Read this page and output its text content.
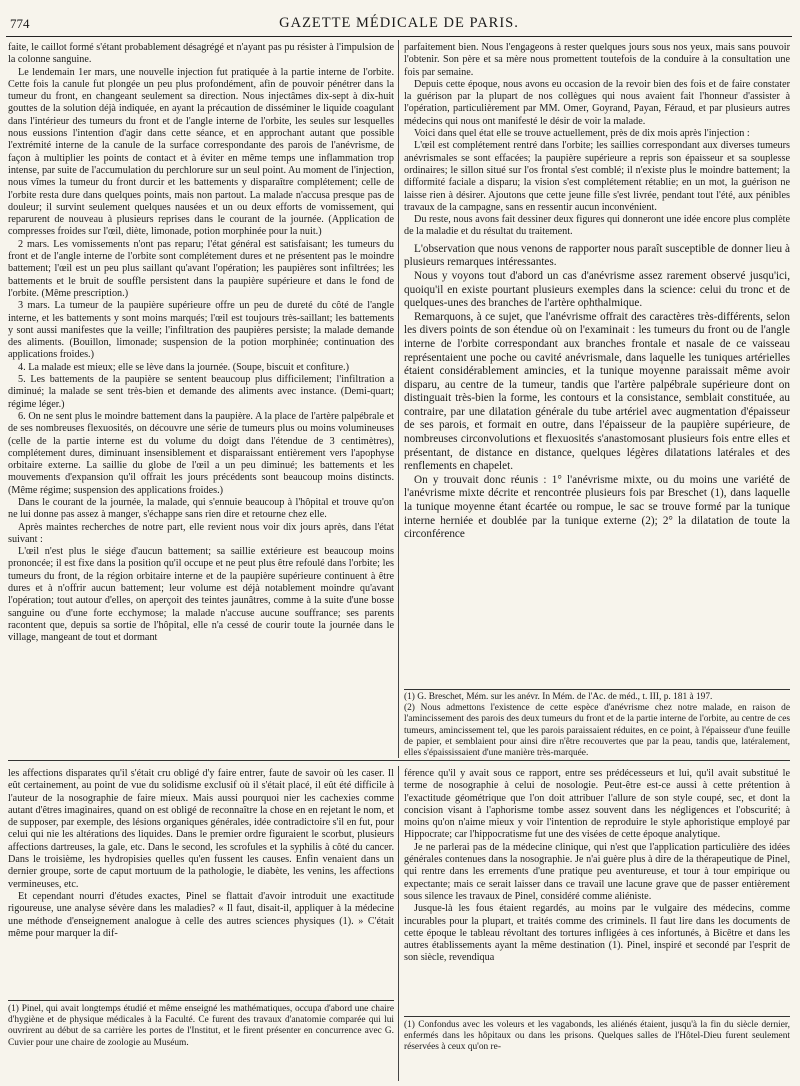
774	GAZETTE MÉDICALE DE PARIS.

faite, le caillot formé s'étant probablement désagrégé et n'ayant pas pu résister à l'impulsion de la colonne sanguine.

Le lendemain 1er mars, une nouvelle injection fut pratiquée à la partie interne de l'orbite. Cette fois la canule fut plongée un peu plus profondément, afin de pouvoir pénétrer dans la tumeur du front, en changeant seulement sa direction. Nous injectâmes dix-sept à dix-huit gouttes de la solution déjà indiquée, en ayant la précaution de disséminer le liquide coagulant dans l'intérieur des tumeurs du front et de l'angle interne de l'orbite, les seules sur lesquelles nous eussions l'intention d'agir dans cette séance, et en approchant autant que possible l'extrémité interne de la canule de la surface correspondante des parois de l'anévrisme, de façon à multiplier les points de contact et à éviter en même temps une inflammation trop intense, par suite de l'accumulation du perchlorure sur un seul point. Au moment de l'injection, nous vîmes la tumeur du front durcir et les battements y disparaître complétement; celle de l'orbite resta dure dans quelques points, mais non partout. La malade n'accusa presque pas de douleur; il survint seulement quelques nausées et un ou deux efforts de vomissement, qui reparurent de nouveau à plusieurs reprises dans le courant de la journée. (Application de compresses froides sur l'œil, diète, limonade, potion morphinée pour la nuit.)

2 mars. Les vomissements n'ont pas reparu; l'état général est satisfaisant; les tumeurs du front et de l'angle interne de l'orbite sont complétement dures et ne présentent pas le moindre battement; l'œil est un peu plus saillant qu'avant l'opération; les paupières sont infiltrées; les battements et le bruit de souffle persistent dans la paupière supérieure et dans le fond de l'orbite. (Même prescription.)

3 mars. La tumeur de la paupière supérieure offre un peu de dureté du côté de l'angle interne, et les battements y sont moins marqués; l'œil est toujours très-saillant; les battements y sont aussi manifestes que la veille; l'infiltration des paupières persiste; la malade demande des aliments. (Bouillon, limonade; suspension de la potion morphinée; continuation des applications froides.)

4. La malade est mieux; elle se lève dans la journée. (Soupe, biscuit et confiture.)

5. Les battements de la paupière se sentent beaucoup plus difficilement; l'infiltration a diminué; la malade se sent très-bien et demande des aliments avec instance. (Demi-quart; régime léger.)

6. On ne sent plus le moindre battement dans la paupière. A la place de l'artère palpébrale et de ses nombreuses flexuosités, on découvre une série de tumeurs plus ou moins volumineuses (celle de la partie interne est du volume du doigt dans l'étendue de 3 centimètres), complétement dures, diminuant insensiblement et disparaissant entièrement vers l'apophyse orbitaire externe. La saillie du globe de l'œil a un peu diminué; les battements et les mouvements d'expansion qu'il offrait les jours précédents sont beaucoup moins distincts. (Même régime; suspension des applications froides.)

Dans le courant de la journée, la malade, qui s'ennuie beaucoup à l'hôpital et trouve qu'on ne lui donne pas assez à manger, s'échappe sans rien dire et retourne chez elle.

Après maintes recherches de notre part, elle revient nous voir dix jours après, dans l'état suivant :

L'œil n'est plus le siége d'aucun battement; sa saillie extérieure est beaucoup moins prononcée; il est fixe dans la position qu'il occupe et ne peut plus être refoulé dans l'orbite; les tumeurs du front, de la région orbitaire interne et de la paupière supérieure continuent à être dures et à n'offrir aucun battement; leur volume est déjà notablement moindre qu'avant l'opération; tout autour d'elles, on aperçoit des teintes jaunâtres, comme à la suite d'une bosse sanguine ou d'une forte ecchymose; la malade n'accuse aucune souffrance; ses parents racontent que, depuis sa sortie de l'hôpital, elle n'a cessé de courir toute la journée dans le village, mangeant de tout et dormant

parfaitement bien. Nous l'engageons à rester quelques jours sous nos yeux, mais sans pouvoir l'obtenir. Son père et sa mère nous promettent toutefois de la conduire à la consultation une fois par semaine.

Depuis cette époque, nous avons eu occasion de la revoir bien des fois et de faire constater la guérison par la plupart de nos collègues qui nous avaient fait l'honneur d'assister à l'opération, particulièrement par MM. Omer, Goyrand, Payan, Féraud, et par plusieurs autres médecins qui nous ont manifesté le désir de voir la malade.

Voici dans quel état elle se trouve actuellement, près de dix mois après l'injection :

L'œil est complétement rentré dans l'orbite; les saillies correspondant aux diverses tumeurs anévrismales se sont effacées; la paupière supérieure a repris son épaisseur et sa souplesse ordinaires; le sillon situé sur l'os frontal s'est comblé; il n'existe plus le moindre battement; la difformité faciale a disparu; la vision s'est complétement rétablie; en un mot, la guérison ne laisse rien à désirer. Ajoutons que cette jeune fille s'est livrée, pendant tout l'été, aux pénibles travaux de la campagne, sans en ressentir aucun inconvénient.

Du reste, nous avons fait dessiner deux figures qui donneront une idée encore plus complète de la maladie et du résultat du traitement.

L'observation que nous venons de rapporter nous paraît susceptible de donner lieu à plusieurs remarques intéressantes.

Nous y voyons tout d'abord un cas d'anévrisme assez rarement observé jusqu'ici, quoiqu'il en existe pourtant plusieurs exemples dans la science: celui du tronc et de quelques-unes des branches de l'artère ophthalmique.

Remarquons, à ce sujet, que l'anévrisme offrait des caractères très-différents, selon les divers points de son étendue où on l'examinait : les tumeurs du front ou de l'angle interne de l'orbite correspondant aux branches frontale et nasale de ce vaisseau représentaient une poche ou cavité anévrismale, dans laquelle les tuniques artérielles étaient considérablement amincies, et la tunique moyenne paraissait même avoir disparu, au centre de la tumeur, tandis que l'artère palpébrale supérieure dont on distinguait très-bien la forme, les contours et la consistance, semblait constituée, au contraire, par une dilatation générale du tube artériel avec augmentation d'épaisseur de ses parois, et formait en outre, dans l'épaisseur de la paupière supérieure, de nombreuses circonvolutions et flexuosités s'anastomosant plusieurs fois entre elles et présentant, de distance en distance, quelques légères dilatations latérales et des renflements en chapelet.

On y trouvait donc réunis : 1° l'anévrisme mixte, ou du moins une variété de l'anévrisme mixte décrite et rencontrée plusieurs fois par Breschet (1), dans laquelle la tunique moyenne étant écartée ou rompue, le sac se trouve formé par la tunique interne herniée et doublée par la tunique externe (2); 2° la dilatation de toute la circonférence

(1) G. Breschet, Mém. sur les anévr. In Mém. de l'Ac. de méd., t. III, p. 181 à 197.

(2) Nous admettons l'existence de cette espèce d'anévrisme chez notre malade, en raison de l'amincissement des parois des deux tumeurs du front et de la partie interne de l'orbite, au centre de ces tumeurs, amincissement tel, que les parois paraissaient réduites, en ce point, à l'épaisseur d'une feuille de papier, et semblaient pour ainsi dire n'être recouvertes que par la peau, tandis que, latéralement, elles s'épaississaient d'une manière très-marquée.

les affections disparates qu'il s'était cru obligé d'y faire entrer, faute de savoir où les caser. Il eût certainement, au point de vue du solidisme exclusif où il s'était placé, il eût été difficile à l'auteur de la nosographie de faire mieux. Mais aussi pourquoi nier les cachexies comme autant d'êtres imaginaires, quand on est obligé de reconnaître la chose en en rejetant le nom, et de supposer, par exemple, des lésions organiques générales, idée contradictoire s'il en fut, pour celui qui nie les altérations des liquides. Dans le premier ordre figuraient le scorbut, plusieurs affections dartreuses, la gale, etc. Dans le second, les scrofules et la syphilis à côté du cancer. Dans le troisième, les hydropisies quelles qu'en fussent les causes. Enfin venaient dans un dernier groupe, sorte de caput mortuum de la pathologie, le diabète, les venins, les affections vermineuses, etc.

Et cependant nourri d'études exactes, Pinel se flattait d'avoir introduit une exactitude rigoureuse, une analyse sévère dans les maladies? « Il faut, disait-il, appliquer à la médecine une méthode d'enseignement analogue à celle des autres sciences physiques (1). » C'était même pour marquer la dif-

(1) Pinel, qui avait longtemps étudié et même enseigné les mathématiques, occupa d'abord une chaire d'hygiène et de physique médicales à la Faculté. Ce furent des travaux d'anatomie comparée qui lui ouvrirent au début de sa carrière les portes de l'Institut, et le firent présenter en concurrence avec G. Cuvier pour une chaire de zoologie au Muséum.

férence qu'il y avait sous ce rapport, entre ses prédécesseurs et lui, qu'il avait substitué le terme de nosographie à celui de nosologie. Peut-être est-ce aussi à cette prétention à l'exactitude géométrique que l'on doit attribuer l'allure de son style coupé, sec, et dont la concision visant à l'aphorisme tombe assez souvent dans les négligences et l'obscurité; à moins qu'on n'aime mieux y voir l'intention de reproduire le style aphoristique employé par Hippocrate; car l'hippocratisme fut une des visées de cette époque analytique.

Je ne parlerai pas de la médecine clinique, qui n'est que l'application particulière des idées générales contenues dans la nosographie. Je n'ai guère plus à dire de la thérapeutique de Pinel, qui rentre dans les errements d'une pratique peu aventureuse, et tour à tour empirique ou expectante; mais ce serait laisser dans ce travail une lacune grave que de passer entièrement sous silence les travaux de Pinel, considéré comme aliéniste.

Jusque-là les fous étaient regardés, au moins par le vulgaire des médecins, comme incurables pour la plupart, et traités comme des criminels. Il faut lire dans les documents de cette époque le tableau révoltant des tortures infligées à ces infortunés, à Bicêtre et dans les autres établissements ayant la même destination (1). Pinel, inspiré et secondé par l'esprit de son siècle, revendiqua

(1) Confondus avec les voleurs et les vagabonds, les aliénés étaient, jusqu'à la fin du siècle dernier, enfermés dans les hôpitaux ou dans les prisons. Quelques salles de l'Hôtel-Dieu furent seulement réservées à ceux qu'on re-
